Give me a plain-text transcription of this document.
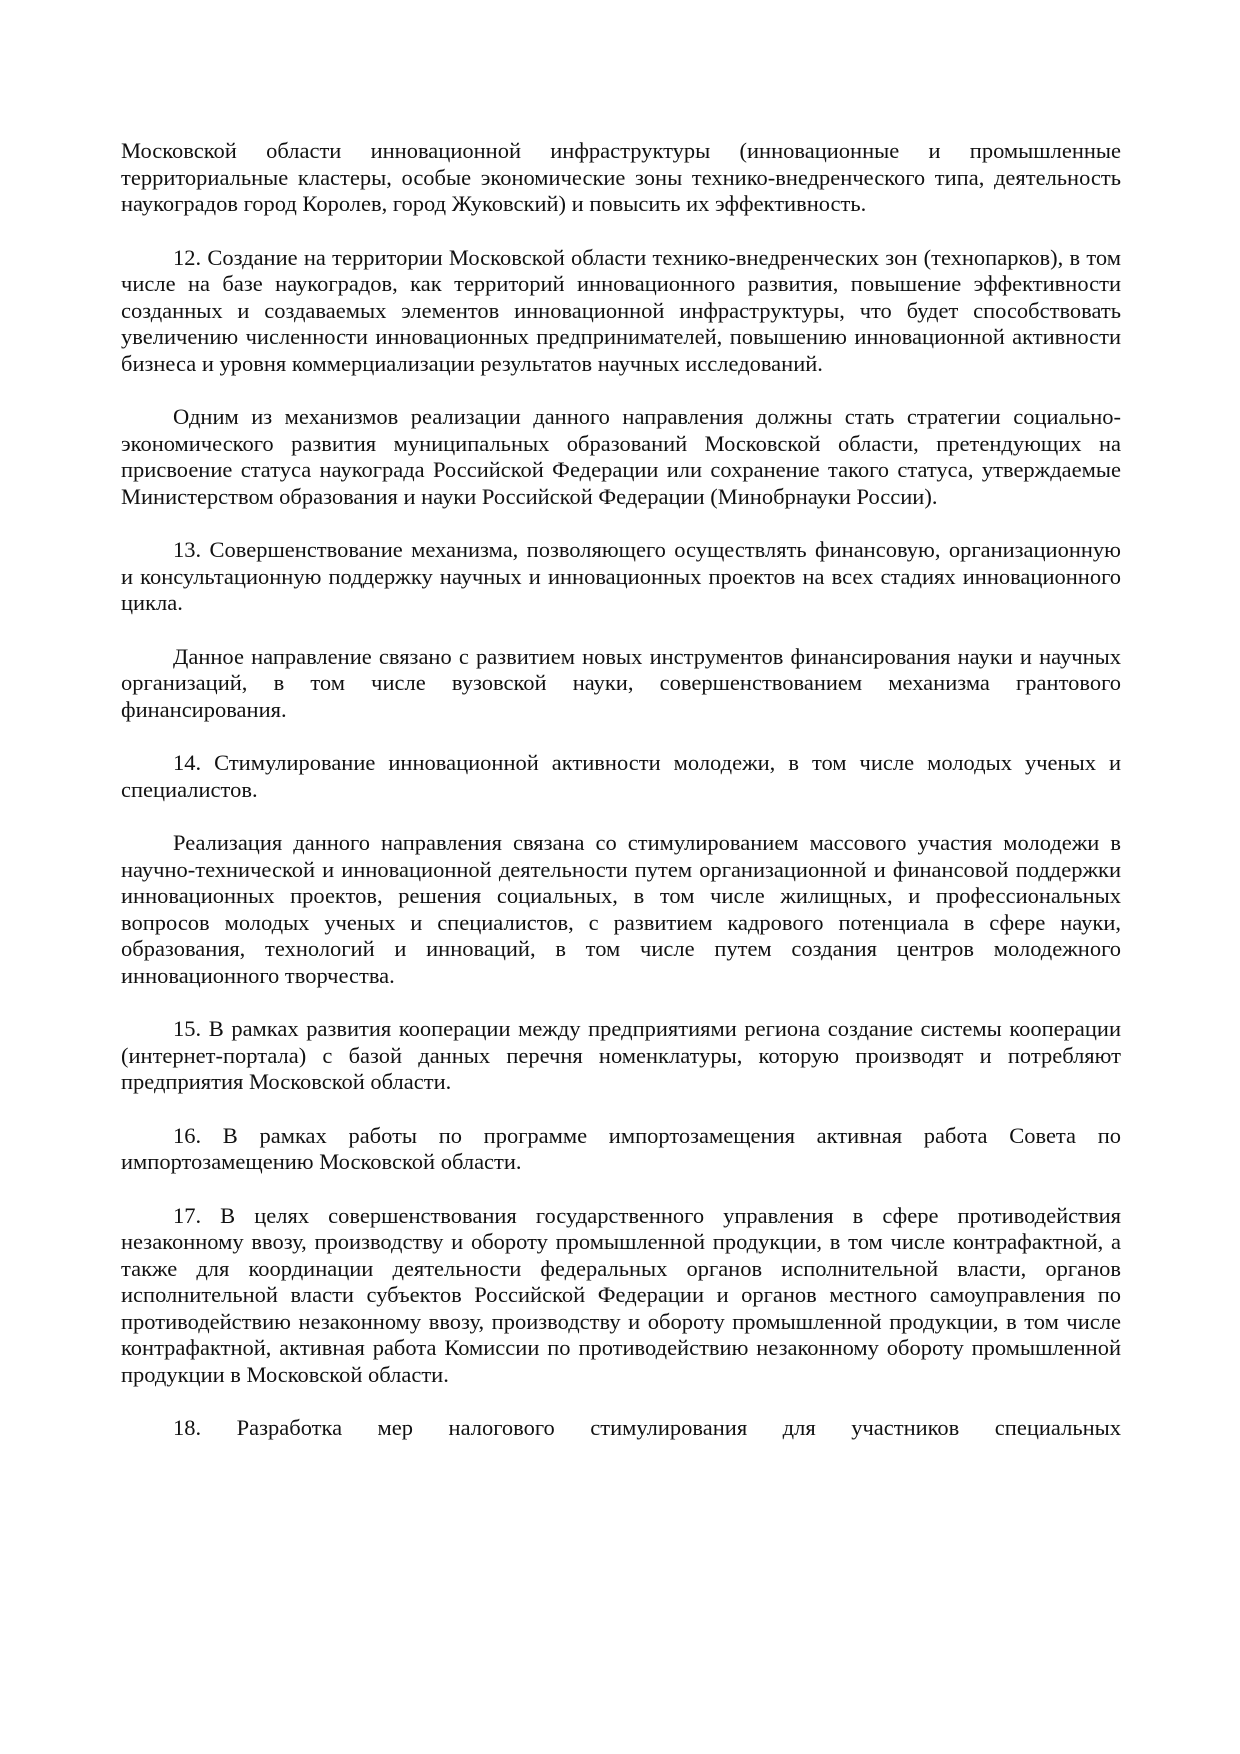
Московской области инновационной инфраструктуры (инновационные и промышленные территориальные кластеры, особые экономические зоны технико-внедренческого типа, деятельность наукоградов город Королев, город Жуковский) и повысить их эффективность.

12. Создание на территории Московской области технико-внедренческих зон (технопарков), в том числе на базе наукоградов, как территорий инновационного развития, повышение эффективности созданных и создаваемых элементов инновационной инфраструктуры, что будет способствовать увеличению численности инновационных предпринимателей, повышению инновационной активности бизнеса и уровня коммерциализации результатов научных исследований.

Одним из механизмов реализации данного направления должны стать стратегии социально-экономического развития муниципальных образований Московской области, претендующих на присвоение статуса наукограда Российской Федерации или сохранение такого статуса, утверждаемые Министерством образования и науки Российской Федерации (Минобрнауки России).

13. Совершенствование механизма, позволяющего осуществлять финансовую, организационную и консультационную поддержку научных и инновационных проектов на всех стадиях инновационного цикла.

Данное направление связано с развитием новых инструментов финансирования науки и научных организаций, в том числе вузовской науки, совершенствованием механизма грантового финансирования.

14. Стимулирование инновационной активности молодежи, в том числе молодых ученых и специалистов.

Реализация данного направления связана со стимулированием массового участия молодежи в научно-технической и инновационной деятельности путем организационной и финансовой поддержки инновационных проектов, решения социальных, в том числе жилищных, и профессиональных вопросов молодых ученых и специалистов, с развитием кадрового потенциала в сфере науки, образования, технологий и инноваций, в том числе путем создания центров молодежного инновационного творчества.

15. В рамках развития кооперации между предприятиями региона создание системы кооперации (интернет-портала) с базой данных перечня номенклатуры, которую производят и потребляют предприятия Московской области.

16. В рамках работы по программе импортозамещения активная работа Совета по импортозамещению Московской области.

17. В целях совершенствования государственного управления в сфере противодействия незаконному ввозу, производству и обороту промышленной продукции, в том числе контрафактной, а также для координации деятельности федеральных органов исполнительной власти, органов исполнительной власти субъектов Российской Федерации и органов местного самоуправления по противодействию незаконному ввозу, производству и обороту промышленной продукции, в том числе контрафактной, активная работа Комиссии по противодействию незаконному обороту промышленной продукции в Московской области.

18. Разработка мер налогового стимулирования для участников специальных
